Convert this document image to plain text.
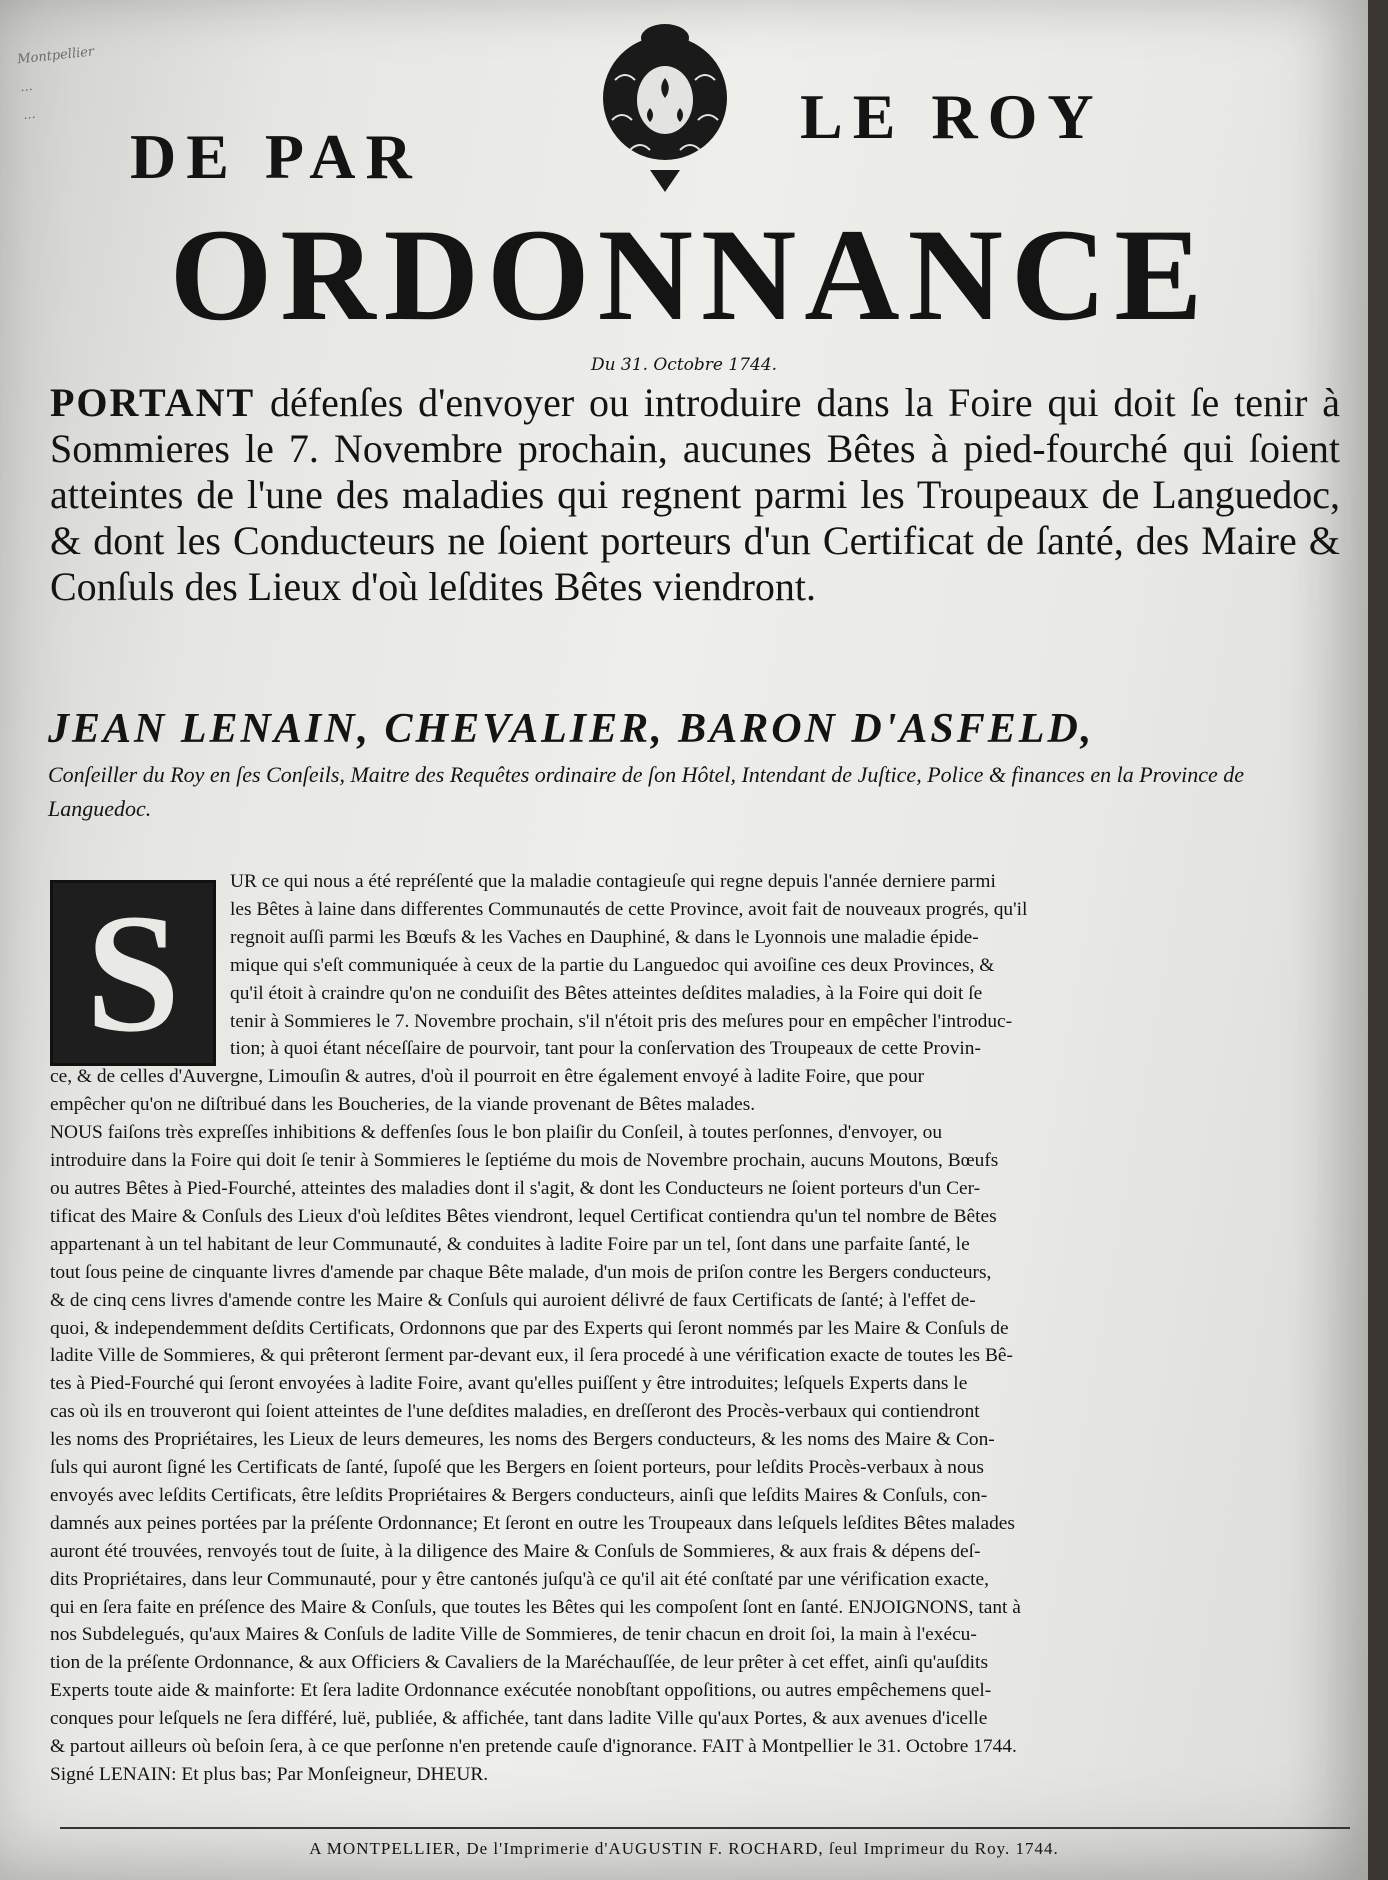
Montpellier
...
...
DE PAR
LE ROY
ORDONNANCE
Du 31. Octobre 1744.
PORTANT défenſes d'envoyer ou introduire dans la Foire qui doit ſe tenir à Sommieres le 7. Novembre prochain, aucunes Bêtes à pied-fourché qui ſoient atteintes de l'une des maladies qui regnent parmi les Troupeaux de Languedoc, & dont les Conducteurs ne ſoient porteurs d'un Certificat de ſanté, des Maire & Conſuls des Lieux d'où leſdites Bêtes viendront.
JEAN LENAIN, CHEVALIER, BARON D'ASFELD,
Conſeiller du Roy en ſes Conſeils, Maitre des Requêtes ordinaire de ſon Hôtel, Intendant de Juſtice, Police & finances en la Province de Languedoc.
S	UR ce qui nous a été repréſenté que la maladie contagieuſe qui regne depuis l'année derniere parmi
les Bêtes à laine dans differentes Communautés de cette Province, avoit fait de nouveaux progrés, qu'il
regnoit auſſi parmi les Bœufs & les Vaches en Dauphiné, & dans le Lyonnois une maladie épide-
mique qui s'eſt communiquée à ceux de la partie du Languedoc qui avoiſine ces deux Provinces, &
qu'il étoit à craindre qu'on ne conduiſit des Bêtes atteintes deſdites maladies, à la Foire qui doit ſe
tenir à Sommieres le 7. Novembre prochain, s'il n'étoit pris des meſures pour en empêcher l'introduc-
tion; à quoi étant néceſſaire de pourvoir, tant pour la conſervation des Troupeaux de cette Provin-
ce, & de celles d'Auvergne, Limouſin & autres, d'où il pourroit en être également envoyé à ladite Foire, que pour
empêcher qu'on ne diſtribué dans les Boucheries, de la viande provenant de Bêtes malades.
NOUS faiſons très expreſſes inhibitions & deffenſes ſous le bon plaiſir du Conſeil, à toutes perſonnes, d'envoyer, ou
introduire dans la Foire qui doit ſe tenir à Sommieres le ſeptiéme du mois de Novembre prochain, aucuns Moutons, Bœufs
ou autres Bêtes à Pied-Fourché, atteintes des maladies dont il s'agit, & dont les Conducteurs ne ſoient porteurs d'un Cer-
tificat des Maire & Conſuls des Lieux d'où leſdites Bêtes viendront, lequel Certificat contiendra qu'un tel nombre de Bêtes
appartenant à un tel habitant de leur Communauté, & conduites à ladite Foire par un tel, ſont dans une parfaite ſanté, le
tout ſous peine de cinquante livres d'amende par chaque Bête malade, d'un mois de priſon contre les Bergers conducteurs,
& de cinq cens livres d'amende contre les Maire & Conſuls qui auroient délivré de faux Certificats de ſanté; à l'effet de-
quoi, & independemment deſdits Certificats, Ordonnons que par des Experts qui ſeront nommés par les Maire & Conſuls de
ladite Ville de Sommieres, & qui prêteront ſerment par-devant eux, il ſera procedé à une vérification exacte de toutes les Bê-
tes à Pied-Fourché qui ſeront envoyées à ladite Foire, avant qu'elles puiſſent y être introduites; leſquels Experts dans le
cas où ils en trouveront qui ſoient atteintes de l'une deſdites maladies, en dreſſeront des Procès-verbaux qui contiendront
les noms des Propriétaires, les Lieux de leurs demeures, les noms des Bergers conducteurs, & les noms des Maire & Con-
ſuls qui auront ſigné les Certificats de ſanté, ſupoſé que les Bergers en ſoient porteurs, pour leſdits Procès-verbaux à nous
envoyés avec leſdits Certificats, être leſdits Propriétaires & Bergers conducteurs, ainſi que leſdits Maires & Conſuls, con-
damnés aux peines portées par la préſente Ordonnance; Et ſeront en outre les Troupeaux dans leſquels leſdites Bêtes malades
auront été trouvées, renvoyés tout de ſuite, à la diligence des Maire & Conſuls de Sommieres, & aux frais & dépens deſ-
dits Propriétaires, dans leur Communauté, pour y être cantonés juſqu'à ce qu'il ait été conſtaté par une vérification exacte,
qui en ſera faite en préſence des Maire & Conſuls, que toutes les Bêtes qui les compoſent ſont en ſanté. ENJOIGNONS, tant à
nos Subdelegués, qu'aux Maires & Conſuls de ladite Ville de Sommieres, de tenir chacun en droit ſoi, la main à l'exécu-
tion de la préſente Ordonnance, & aux Officiers & Cavaliers de la Maréchauſſée, de leur prêter à cet effet, ainſi qu'auſdits
Experts toute aide & mainforte: Et ſera ladite Ordonnance exécutée nonobſtant oppoſitions, ou autres empêchemens quel-
conques pour leſquels ne ſera différé, luë, publiée, & affichée, tant dans ladite Ville qu'aux Portes, & aux avenues d'icelle
& partout ailleurs où beſoin ſera, à ce que perſonne n'en pretende cauſe d'ignorance. FAIT à Montpellier le 31. Octobre 1744.
Signé LENAIN: Et plus bas; Par Monſeigneur, DHEUR.
A MONTPELLIER, De l'Imprimerie d'AUGUSTIN F. ROCHARD, ſeul Imprimeur du Roy. 1744.
